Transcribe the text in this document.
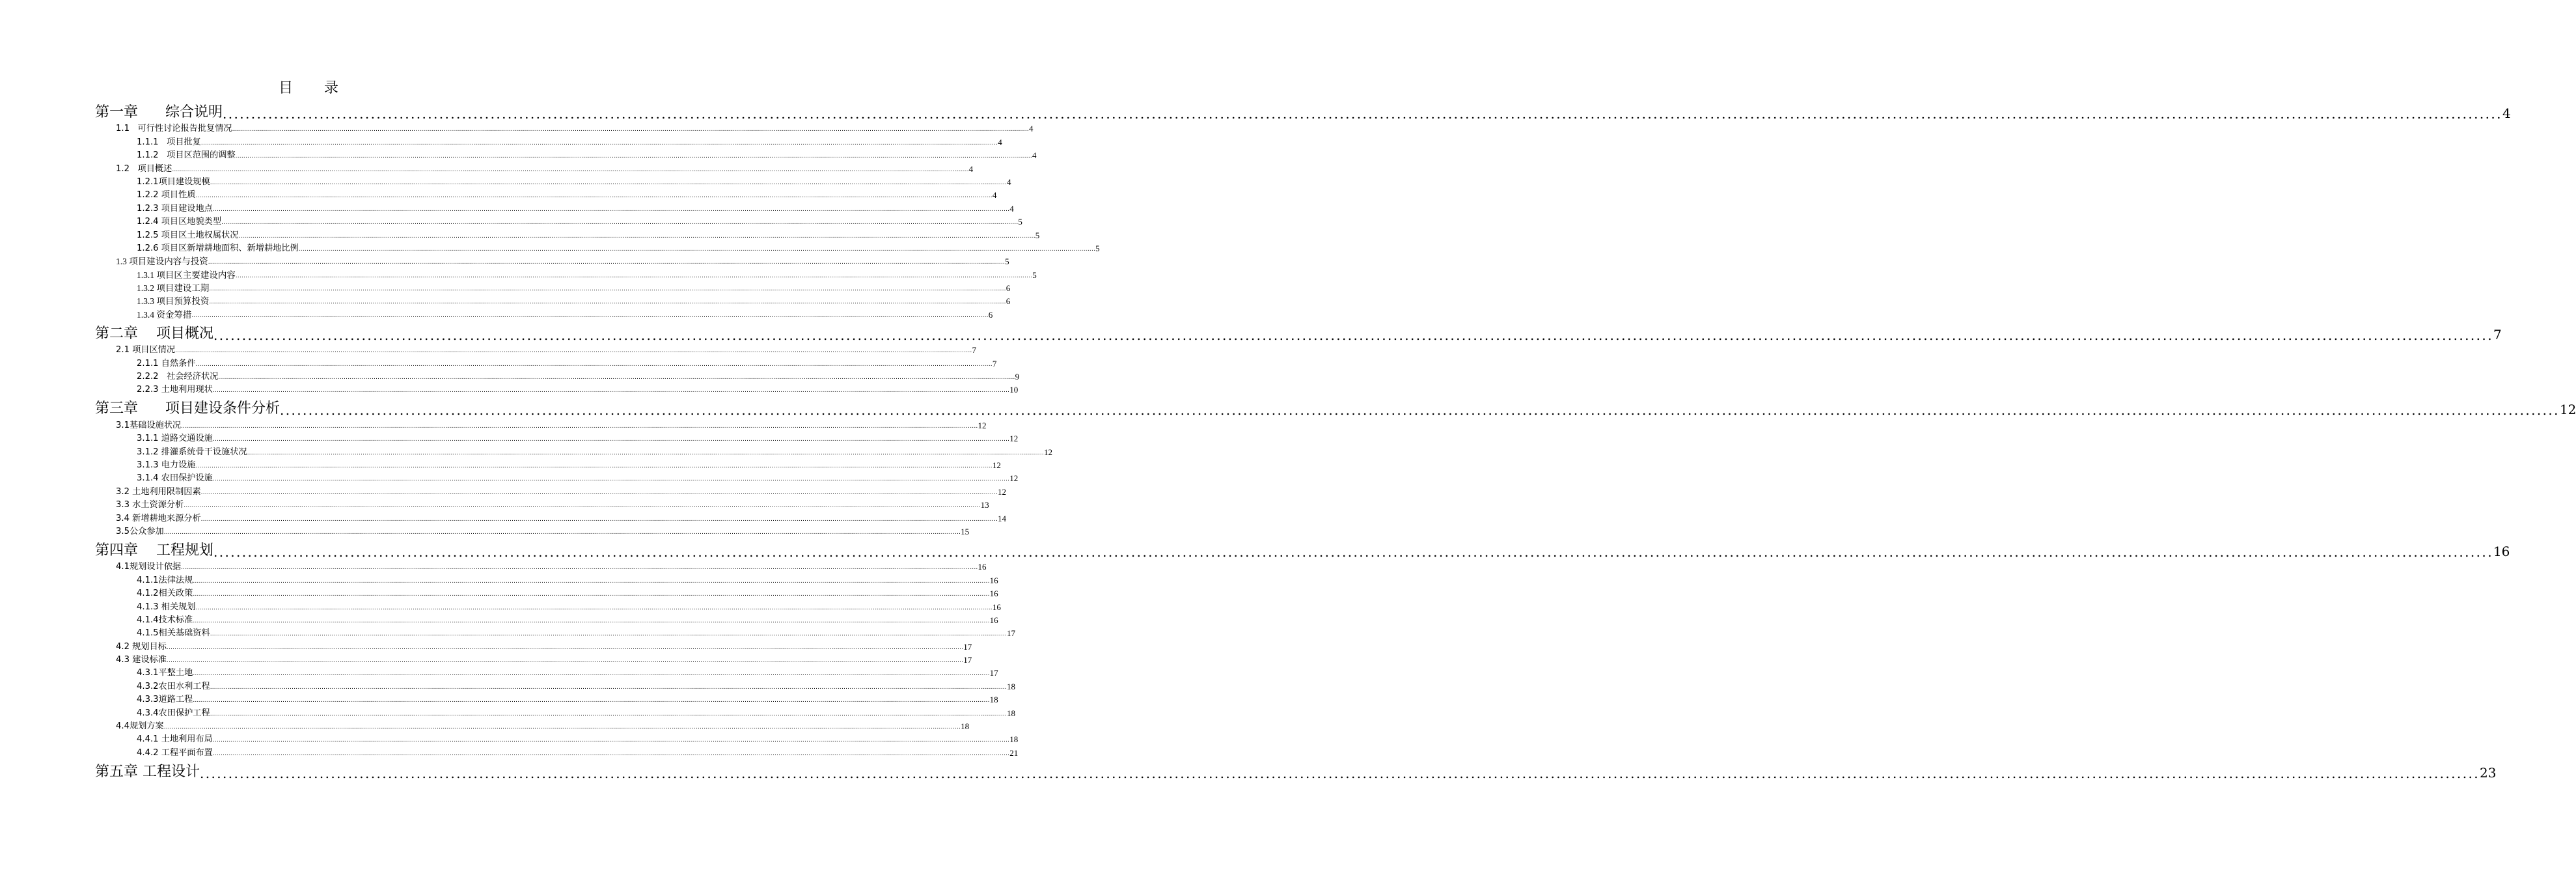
目 录
第一章      综合说明 ................................................................................................................................................................................................................................................................................................................................................................................................................ 4
1.1   可行性讨论报告批复情况 ................................................................................................................................................................................................................................................................................................................................................................................................................ 4
1.1.1   项目批复 ................................................................................................................................................................................................................................................................................................................................................................................................................ 4
1.1.2   项目区范围的调整 ................................................................................................................................................................................................................................................................................................................................................................................................................ 4
1.2   项目概述 ................................................................................................................................................................................................................................................................................................................................................................................................................ 4
1.2.1项目建设规模 ................................................................................................................................................................................................................................................................................................................................................................................................................ 4
1.2.2 项目性质 ................................................................................................................................................................................................................................................................................................................................................................................................................ 4
1.2.3 项目建设地点 ................................................................................................................................................................................................................................................................................................................................................................................................................ 4
1.2.4 项目区地貌类型 ................................................................................................................................................................................................................................................................................................................................................................................................................ 5
1.2.5 项目区土地权属状况 ................................................................................................................................................................................................................................................................................................................................................................................................................ 5
1.2.6 项目区新增耕地面积、新增耕地比例 ................................................................................................................................................................................................................................................................................................................................................................................................................ 5
1.3 项目建设内容与投资 ................................................................................................................................................................................................................................................................................................................................................................................................................ 5
1.3.1 项目区主要建设内容 ................................................................................................................................................................................................................................................................................................................................................................................................................ 5
1.3.2 项目建设工期 ................................................................................................................................................................................................................................................................................................................................................................................................................ 6
1.3.3 项目预算投资 ................................................................................................................................................................................................................................................................................................................................................................................................................ 6
1.3.4 资金筹措 ................................................................................................................................................................................................................................................................................................................................................................................................................ 6
第二章    项目概况 ................................................................................................................................................................................................................................................................................................................................................................................................................ 7
2.1 项目区情况 ................................................................................................................................................................................................................................................................................................................................................................................................................ 7
2.1.1 自然条件 ................................................................................................................................................................................................................................................................................................................................................................................................................ 7
2.2.2   社会经济状况 ................................................................................................................................................................................................................................................................................................................................................................................................................ 9
2.2.3 土地利用现状 ................................................................................................................................................................................................................................................................................................................................................................................................................ 10
第三章      项目建设条件分析 ................................................................................................................................................................................................................................................................................................................................................................................................................ 12
3.1基础设施状况 ................................................................................................................................................................................................................................................................................................................................................................................................................ 12
3.1.1 道路交通设施 ................................................................................................................................................................................................................................................................................................................................................................................................................ 12
3.1.2 排灌系统骨干设施状况 ................................................................................................................................................................................................................................................................................................................................................................................................................ 12
3.1.3 电力设施 ................................................................................................................................................................................................................................................................................................................................................................................................................ 12
3.1.4 农田保护设施 ................................................................................................................................................................................................................................................................................................................................................................................................................ 12
3.2 土地利用限制因素 ................................................................................................................................................................................................................................................................................................................................................................................................................ 12
3.3 水土资源分析 ................................................................................................................................................................................................................................................................................................................................................................................................................ 13
3.4 新增耕地来源分析 ................................................................................................................................................................................................................................................................................................................................................................................................................ 14
3.5公众参加 ................................................................................................................................................................................................................................................................................................................................................................................................................ 15
第四章    工程规划 ................................................................................................................................................................................................................................................................................................................................................................................................................ 16
4.1规划设计依据 ................................................................................................................................................................................................................................................................................................................................................................................................................ 16
4.1.1法律法规 ................................................................................................................................................................................................................................................................................................................................................................................................................ 16
4.1.2相关政策 ................................................................................................................................................................................................................................................................................................................................................................................................................ 16
4.1.3 相关规划 ................................................................................................................................................................................................................................................................................................................................................................................................................ 16
4.1.4技术标准 ................................................................................................................................................................................................................................................................................................................................................................................................................ 16
4.1.5相关基础资料 ................................................................................................................................................................................................................................................................................................................................................................................................................ 17
4.2 规划目标 ................................................................................................................................................................................................................................................................................................................................................................................................................ 17
4.3 建设标准 ................................................................................................................................................................................................................................................................................................................................................................................................................ 17
4.3.1平整土地 ................................................................................................................................................................................................................................................................................................................................................................................................................ 17
4.3.2农田水利工程 ................................................................................................................................................................................................................................................................................................................................................................................................................ 18
4.3.3道路工程 ................................................................................................................................................................................................................................................................................................................................................................................................................ 18
4.3.4农田保护工程 ................................................................................................................................................................................................................................................................................................................................................................................................................ 18
4.4规划方案 ................................................................................................................................................................................................................................................................................................................................................................................................................ 18
4.4.1 土地利用布局 ................................................................................................................................................................................................................................................................................................................................................................................................................ 18
4.4.2 工程平面布置 ................................................................................................................................................................................................................................................................................................................................................................................................................ 21
第五章 工程设计 ................................................................................................................................................................................................................................................................................................................................................................................................................ 23
